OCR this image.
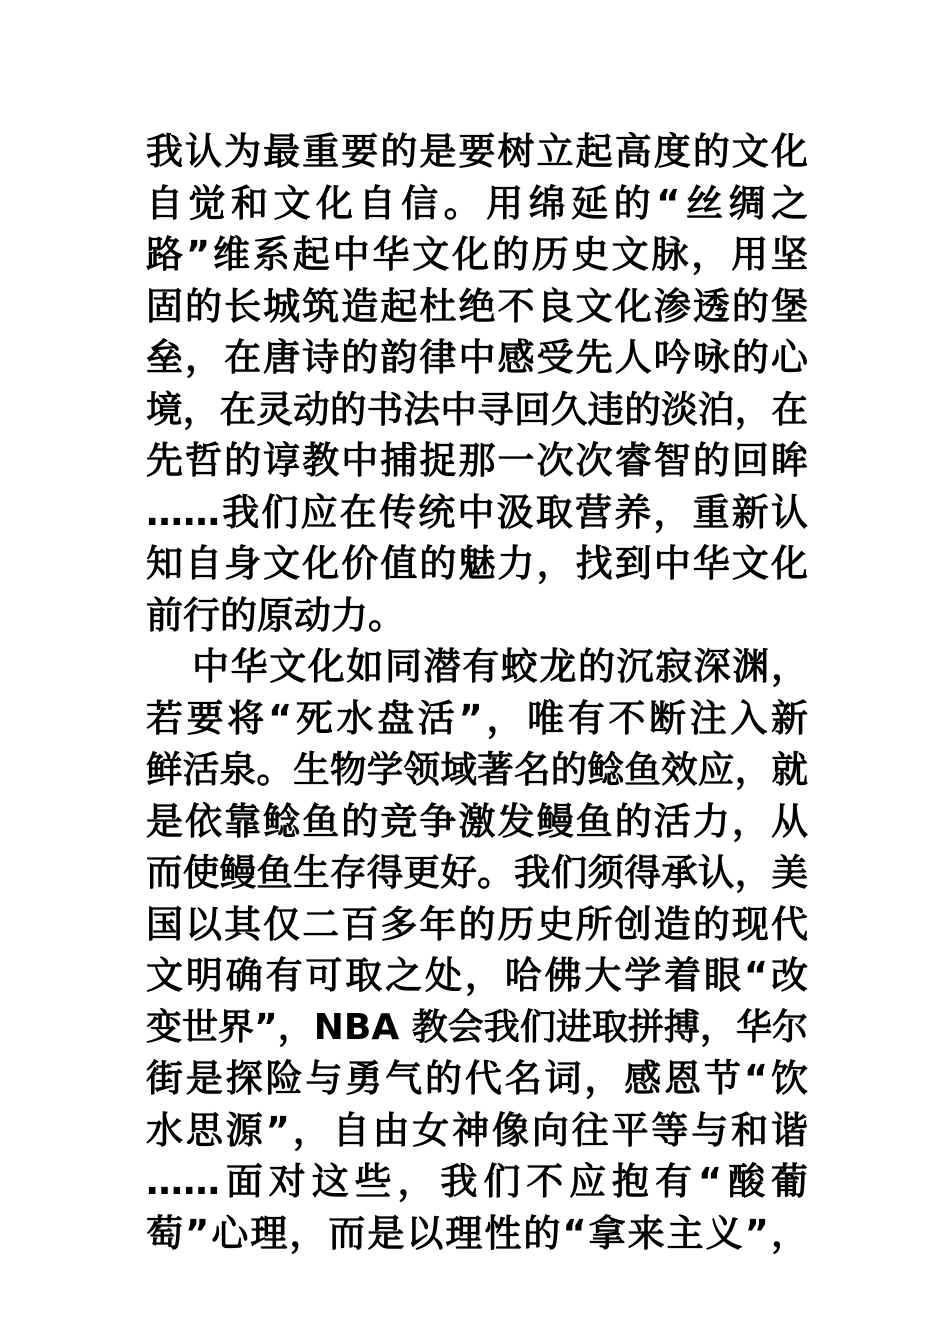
我认为最重要的是要树立起高度的文化
自觉和文化自信。用绵延的“丝绸之
路”维系起中华文化的历史文脉，用坚
固的长城筑造起杜绝不良文化渗透的堡
垒，在唐诗的韵律中感受先人吟咏的心
境，在灵动的书法中寻回久违的淡泊，在
先哲的谆教中捕捉那一次次睿智的回眸
……我们应在传统中汲取营养，重新认
知自身文化价值的魅力，找到中华文化
前行的原动力。
中华文化如同潜有蛟龙的沉寂深渊，
若要将“死水盘活”，唯有不断注入新
鲜活泉。生物学领域著名的鲶鱼效应，就
是依靠鲶鱼的竞争激发鳗鱼的活力，从
而使鳗鱼生存得更好。我们须得承认，美
国以其仅二百多年的历史所创造的现代
文明确有可取之处，哈佛大学着眼“改
变世界”，NBA 教会我们进取拼搏，华尔
街是探险与勇气的代名词，感恩节“饮
水思源”，自由女神像向往平等与和谐
……面对这些，我们不应抱有“酸葡
萄”心理，而是以理性的“拿来主义”，
